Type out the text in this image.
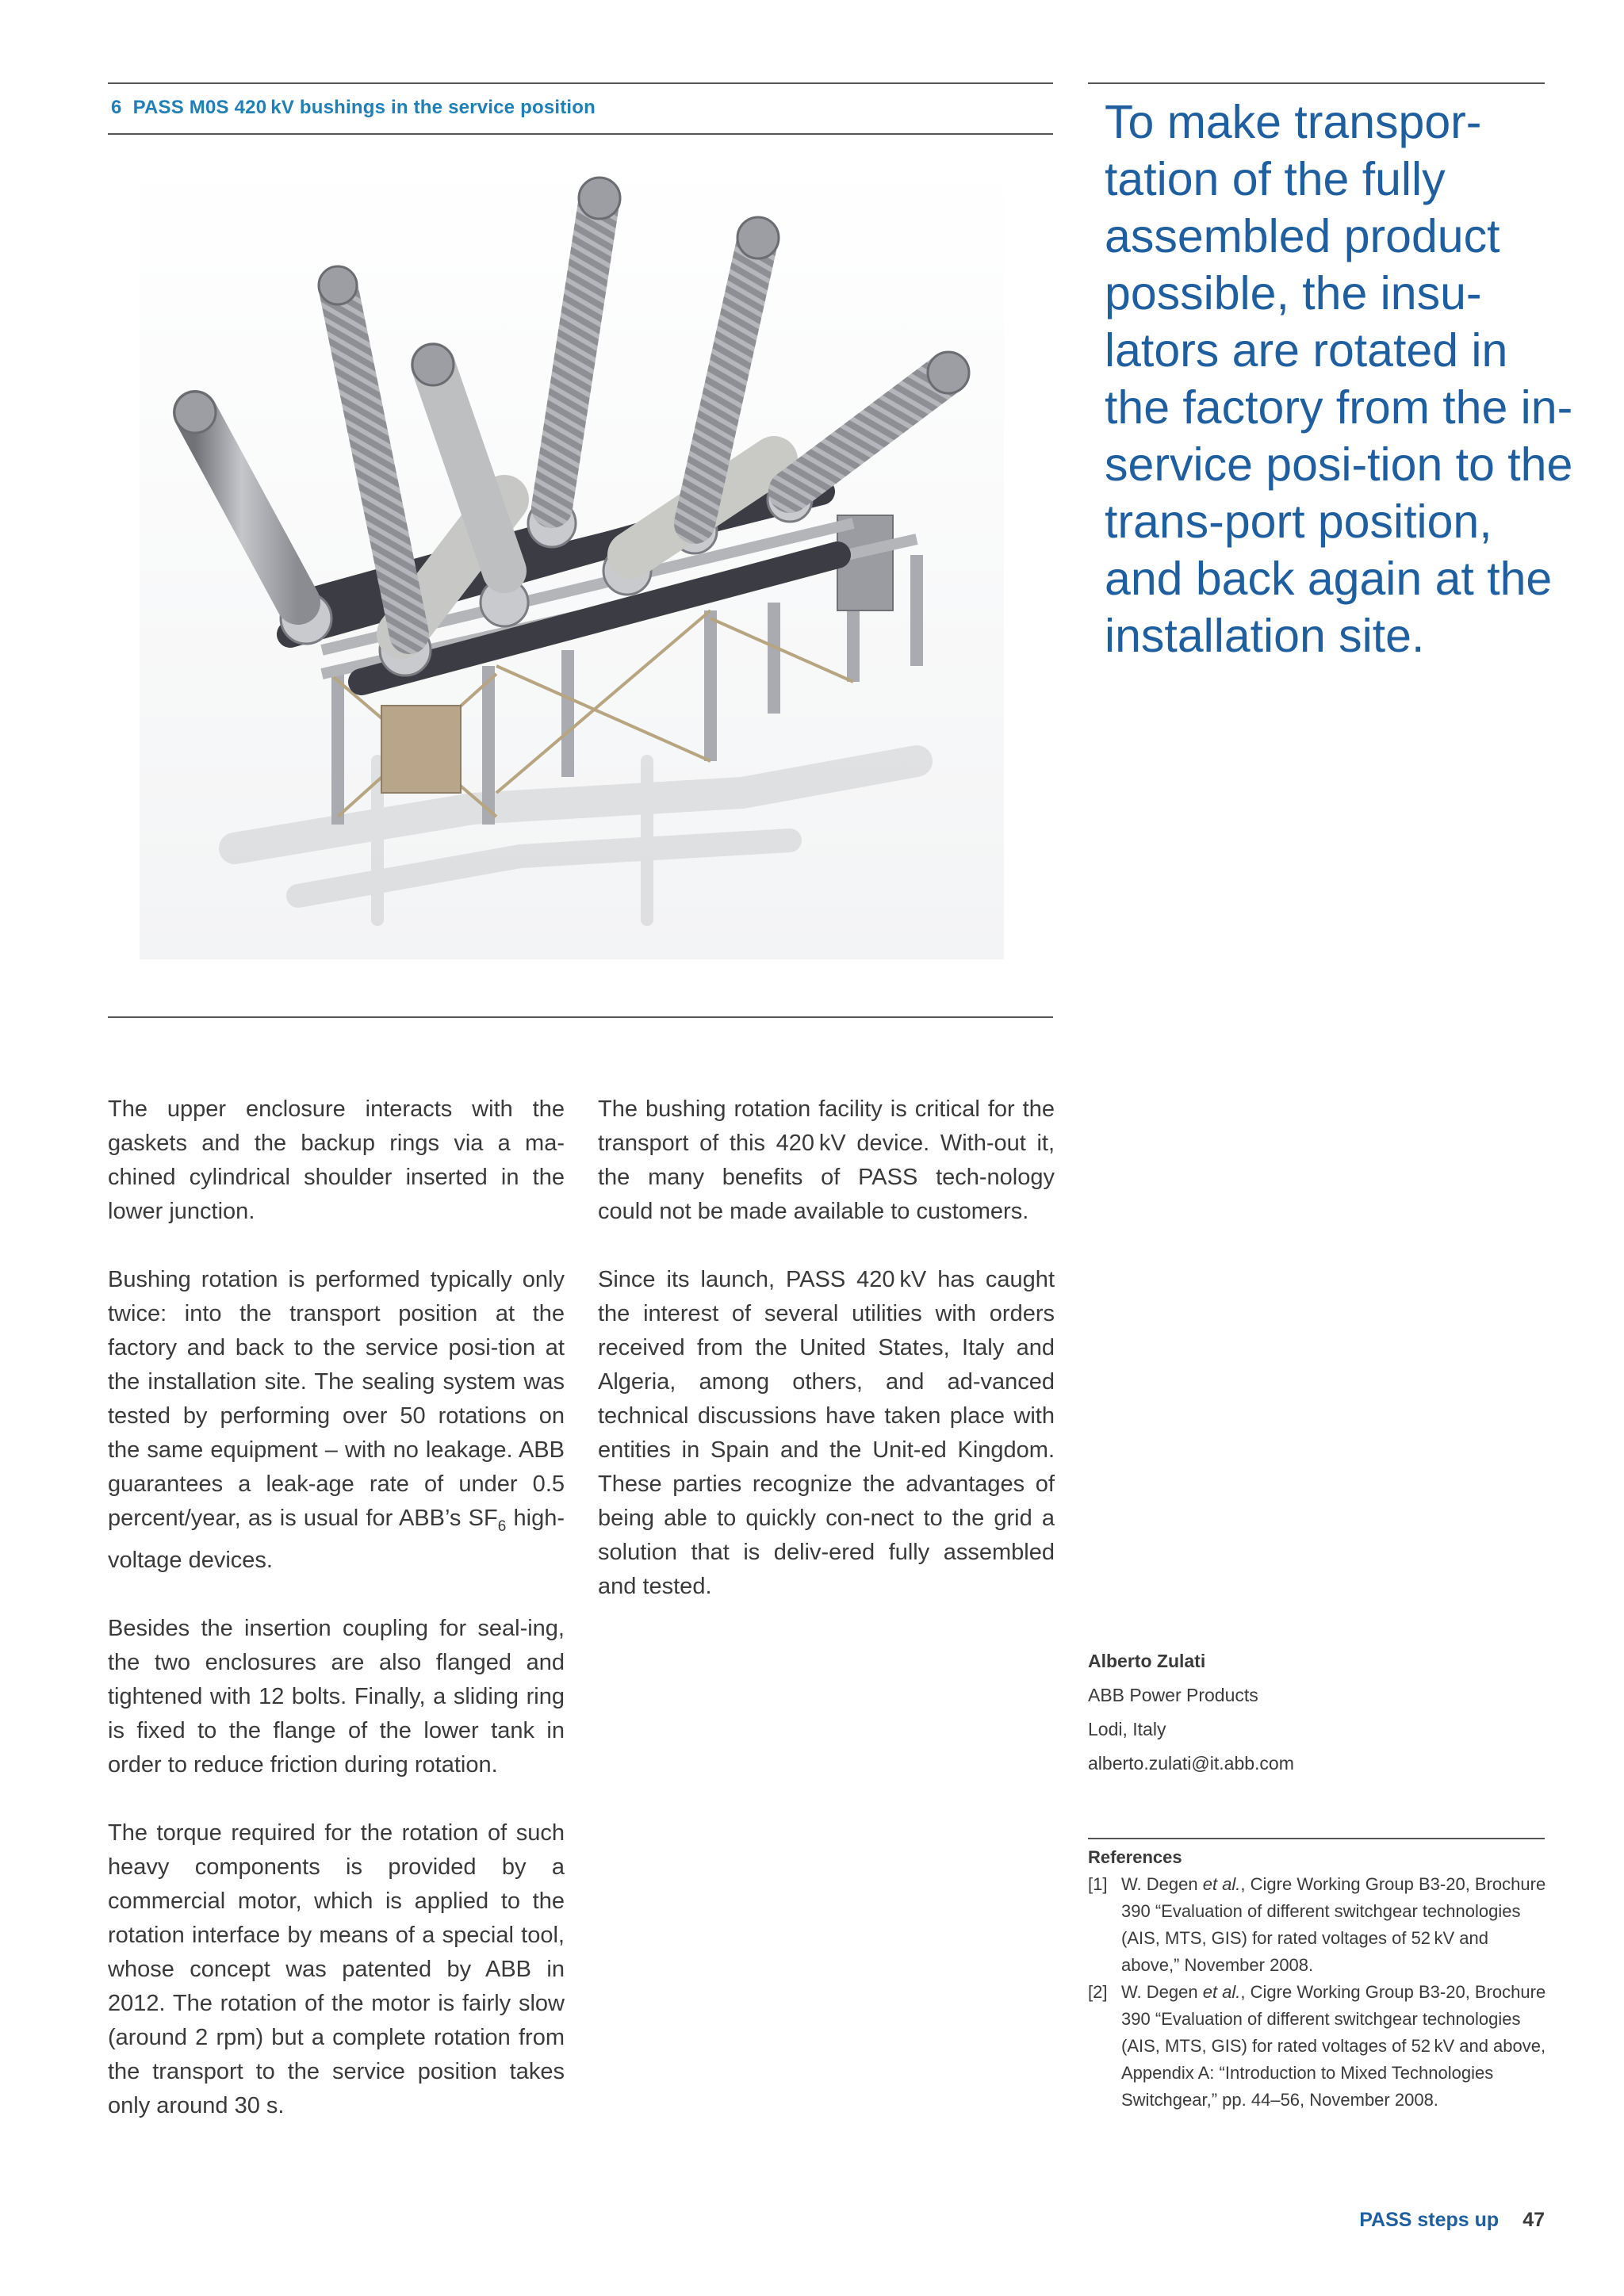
6 PASS M0S 420 kV bushings in the service position	To make transpor-tation of the fully assembled product possible, the insu-lators are rotated in the factory from the in-service posi-tion to the trans-port position, and back again at the installation site.

The upper enclosure interacts with the gaskets and the backup rings via a ma-chined cylindrical shoulder inserted in the lower junction.

Bushing rotation is performed typically only twice: into the transport position at the factory and back to the service posi-tion at the installation site. The sealing system was tested by performing over 50 rotations on the same equipment – with no leakage. ABB guarantees a leak-age rate of under 0.5 percent/year, as is usual for ABB’s $SF_6$ high-voltage devices.

Besides the insertion coupling for seal-ing, the two enclosures are also flanged and tightened with 12 bolts. Finally, a sliding ring is fixed to the flange of the lower tank in order to reduce friction during rotation.

The torque required for the rotation of such heavy components is provided by a commercial motor, which is applied to the rotation interface by means of a special tool, whose concept was patented by ABB in 2012. The rotation of the motor is fairly slow (around 2 rpm) but a complete rotation from the transport to the service position takes only around 30 s.

The bushing rotation facility is critical for the transport of this 420 kV device. With-out it, the many benefits of PASS tech-nology could not be made available to customers.

Since its launch, PASS 420 kV has caught the interest of several utilities with orders received from the United States, Italy and Algeria, among others, and ad-vanced technical discussions have taken place with entities in Spain and the Unit-ed Kingdom. These parties recognize the advantages of being able to quickly con-nect to the grid a solution that is deliv-ered fully assembled and tested.

Alberto Zulati
ABB Power Products
Lodi, Italy
alberto.zulati@it.abb.com
References
[1] W. Degen et al., Cigre Working Group B3-20, Brochure 390 “Evaluation of different switchgear technologies (AIS, MTS, GIS) for rated voltages of 52 kV and above,” November 2008.
[2] W. Degen et al., Cigre Working Group B3-20, Brochure 390 “Evaluation of different switchgear technologies (AIS, MTS, GIS) for rated voltages of 52 kV and above, Appendix A: “Introduction to Mixed Technologies Switchgear,” pp. 44–56, November 2008.
PASS steps up 47
